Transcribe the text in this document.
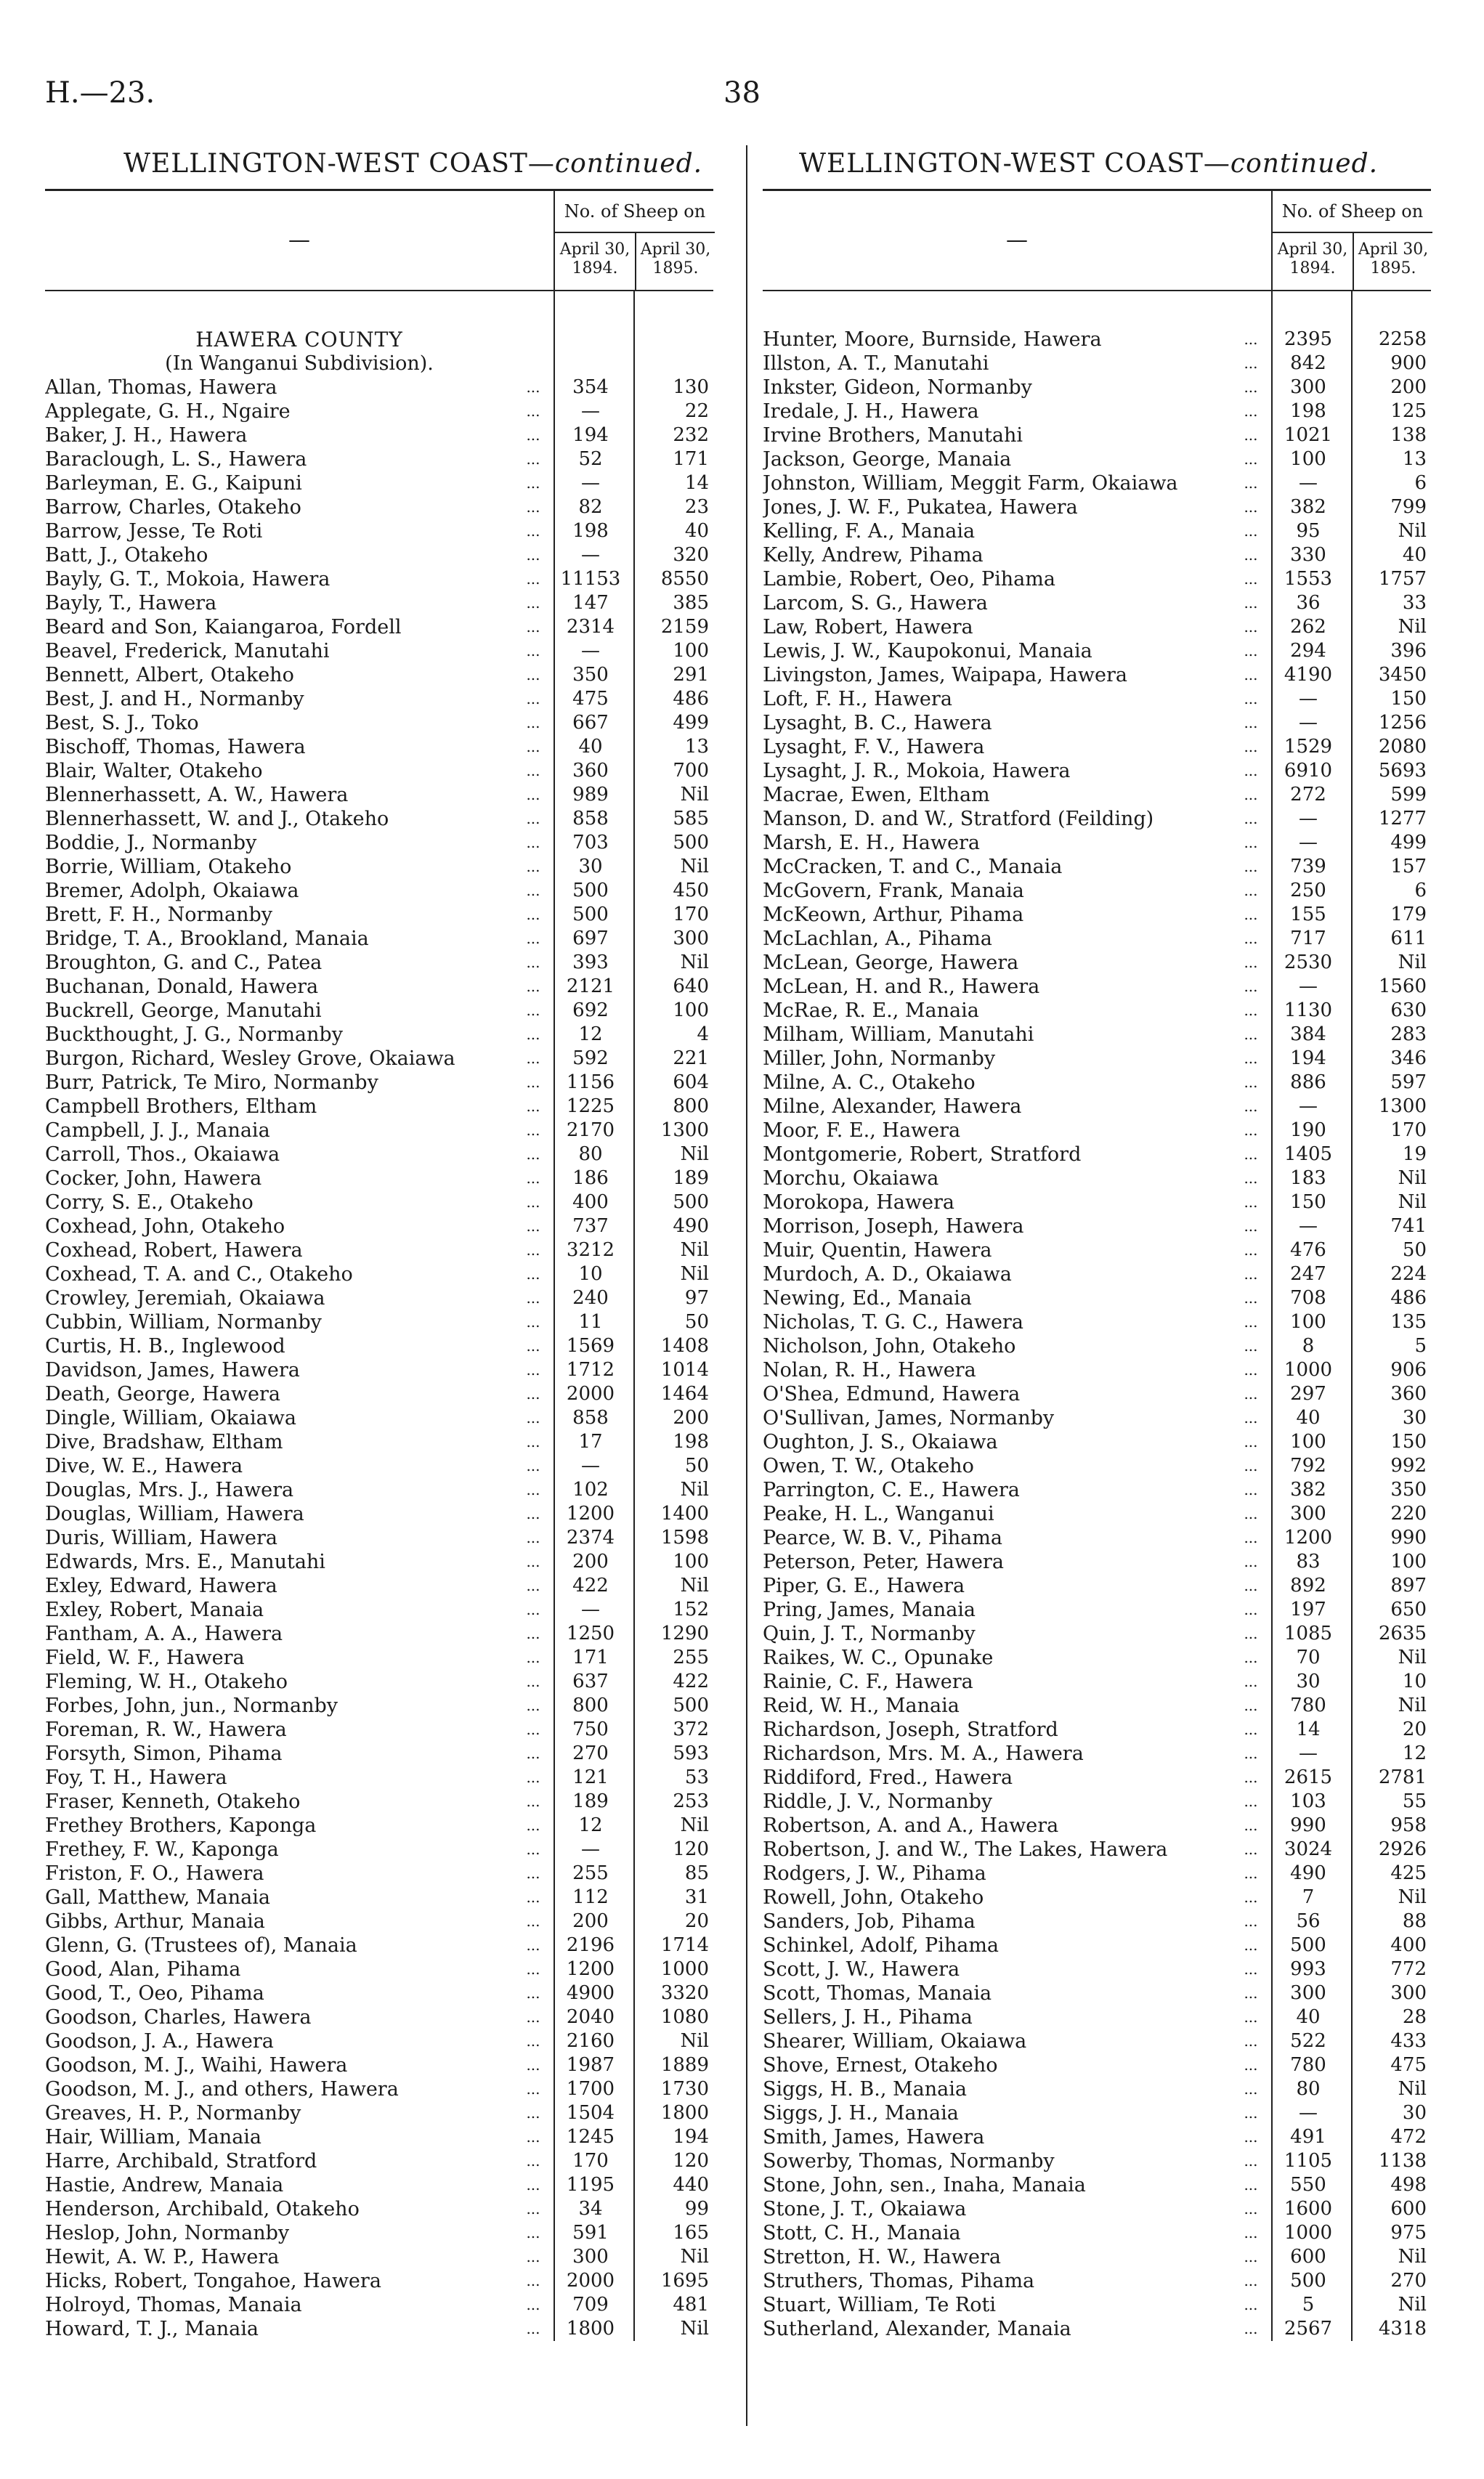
H.—23.	38
WELLINGTON-WEST COAST—continued.	WELLINGTON-WEST COAST—continued.
—
No. of Sheep on
April 30, 1894.
April 30, 1895.
HAWERA COUNTY
(In Wanganui Subdivision).
Allan, Thomas, Hawera	...	354	130
Applegate, G. H., Ngaire	...	—	22
Baker, J. H., Hawera	...	194	232
Baraclough, L. S., Hawera	...	52	171
Barleyman, E. G., Kaipuni	...	—	14
Barrow, Charles, Otakeho	...	82	23
Barrow, Jesse, Te Roti	...	198	40
Batt, J., Otakeho	...	—	320
Bayly, G. T., Mokoia, Hawera	...	11153	8550
Bayly, T., Hawera	...	147	385
Beard and Son, Kaiangaroa, Fordell	...	2314	2159
Beavel, Frederick, Manutahi	...	—	100
Bennett, Albert, Otakeho	...	350	291
Best, J. and H., Normanby	...	475	486
Best, S. J., Toko	...	667	499
Bischoff, Thomas, Hawera	...	40	13
Blair, Walter, Otakeho	...	360	700
Blennerhassett, A. W., Hawera	...	989	Nil
Blennerhassett, W. and J., Otakeho	...	858	585
Boddie, J., Normanby	...	703	500
Borrie, William, Otakeho	...	30	Nil
Bremer, Adolph, Okaiawa	...	500	450
Brett, F. H., Normanby	...	500	170
Bridge, T. A., Brookland, Manaia	...	697	300
Broughton, G. and C., Patea	...	393	Nil
Buchanan, Donald, Hawera	...	2121	640
Buckrell, George, Manutahi	...	692	100
Buckthought, J. G., Normanby	...	12	4
Burgon, Richard, Wesley Grove, Okaiawa	...	592	221
Burr, Patrick, Te Miro, Normanby	...	1156	604
Campbell Brothers, Eltham	...	1225	800
Campbell, J. J., Manaia	...	2170	1300
Carroll, Thos., Okaiawa	...	80	Nil
Cocker, John, Hawera	...	186	189
Corry, S. E., Otakeho	...	400	500
Coxhead, John, Otakeho	...	737	490
Coxhead, Robert, Hawera	...	3212	Nil
Coxhead, T. A. and C., Otakeho	...	10	Nil
Crowley, Jeremiah, Okaiawa	...	240	97
Cubbin, William, Normanby	...	11	50
Curtis, H. B., Inglewood	...	1569	1408
Davidson, James, Hawera	...	1712	1014
Death, George, Hawera	...	2000	1464
Dingle, William, Okaiawa	...	858	200
Dive, Bradshaw, Eltham	...	17	198
Dive, W. E., Hawera	...	—	50
Douglas, Mrs. J., Hawera	...	102	Nil
Douglas, William, Hawera	...	1200	1400
Duris, William, Hawera	...	2374	1598
Edwards, Mrs. E., Manutahi	...	200	100
Exley, Edward, Hawera	...	422	Nil
Exley, Robert, Manaia	...	—	152
Fantham, A. A., Hawera	...	1250	1290
Field, W. F., Hawera	...	171	255
Fleming, W. H., Otakeho	...	637	422
Forbes, John, jun., Normanby	...	800	500
Foreman, R. W., Hawera	...	750	372
Forsyth, Simon, Pihama	...	270	593
Foy, T. H., Hawera	...	121	53
Fraser, Kenneth, Otakeho	...	189	253
Frethey Brothers, Kaponga	...	12	Nil
Frethey, F. W., Kaponga	...	—	120
Friston, F. O., Hawera	...	255	85
Gall, Matthew, Manaia	...	112	31
Gibbs, Arthur, Manaia	...	200	20
Glenn, G. (Trustees of), Manaia	...	2196	1714
Good, Alan, Pihama	...	1200	1000
Good, T., Oeo, Pihama	...	4900	3320
Goodson, Charles, Hawera	...	2040	1080
Goodson, J. A., Hawera	...	2160	Nil
Goodson, M. J., Waihi, Hawera	...	1987	1889
Goodson, M. J., and others, Hawera	...	1700	1730
Greaves, H. P., Normanby	...	1504	1800
Hair, William, Manaia	...	1245	194
Harre, Archibald, Stratford	...	170	120
Hastie, Andrew, Manaia	...	1195	440
Henderson, Archibald, Otakeho	...	34	99
Heslop, John, Normanby	...	591	165
Hewit, A. W. P., Hawera	...	300	Nil
Hicks, Robert, Tongahoe, Hawera	...	2000	1695
Holroyd, Thomas, Manaia	...	709	481
Howard, T. J., Manaia	...	1800	Nil
—
No. of Sheep on
April 30, 1894.
April 30, 1895.
Hunter, Moore, Burnside, Hawera	...	2395	2258
Illston, A. T., Manutahi	...	842	900
Inkster, Gideon, Normanby	...	300	200
Iredale, J. H., Hawera	...	198	125
Irvine Brothers, Manutahi	...	1021	138
Jackson, George, Manaia	...	100	13
Johnston, William, Meggit Farm, Okaiawa	...	—	6
Jones, J. W. F., Pukatea, Hawera	...	382	799
Kelling, F. A., Manaia	...	95	Nil
Kelly, Andrew, Pihama	...	330	40
Lambie, Robert, Oeo, Pihama	...	1553	1757
Larcom, S. G., Hawera	...	36	33
Law, Robert, Hawera	...	262	Nil
Lewis, J. W., Kaupokonui, Manaia	...	294	396
Livingston, James, Waipapa, Hawera	...	4190	3450
Loft, F. H., Hawera	...	—	150
Lysaght, B. C., Hawera	...	—	1256
Lysaght, F. V., Hawera	...	1529	2080
Lysaght, J. R., Mokoia, Hawera	...	6910	5693
Macrae, Ewen, Eltham	...	272	599
Manson, D. and W., Stratford (Feilding)	...	—	1277
Marsh, E. H., Hawera	...	—	499
McCracken, T. and C., Manaia	...	739	157
McGovern, Frank, Manaia	...	250	6
McKeown, Arthur, Pihama	...	155	179
McLachlan, A., Pihama	...	717	611
McLean, George, Hawera	...	2530	Nil
McLean, H. and R., Hawera	...	—	1560
McRae, R. E., Manaia	...	1130	630
Milham, William, Manutahi	...	384	283
Miller, John, Normanby	...	194	346
Milne, A. C., Otakeho	...	886	597
Milne, Alexander, Hawera	...	—	1300
Moor, F. E., Hawera	...	190	170
Montgomerie, Robert, Stratford	...	1405	19
Morchu, Okaiawa	...	183	Nil
Morokopa, Hawera	...	150	Nil
Morrison, Joseph, Hawera	...	—	741
Muir, Quentin, Hawera	...	476	50
Murdoch, A. D., Okaiawa	...	247	224
Newing, Ed., Manaia	...	708	486
Nicholas, T. G. C., Hawera	...	100	135
Nicholson, John, Otakeho	...	8	5
Nolan, R. H., Hawera	...	1000	906
O'Shea, Edmund, Hawera	...	297	360
O'Sullivan, James, Normanby	...	40	30
Oughton, J. S., Okaiawa	...	100	150
Owen, T. W., Otakeho	...	792	992
Parrington, C. E., Hawera	...	382	350
Peake, H. L., Wanganui	...	300	220
Pearce, W. B. V., Pihama	...	1200	990
Peterson, Peter, Hawera	...	83	100
Piper, G. E., Hawera	...	892	897
Pring, James, Manaia	...	197	650
Quin, J. T., Normanby	...	1085	2635
Raikes, W. C., Opunake	...	70	Nil
Rainie, C. F., Hawera	...	30	10
Reid, W. H., Manaia	...	780	Nil
Richardson, Joseph, Stratford	...	14	20
Richardson, Mrs. M. A., Hawera	...	—	12
Riddiford, Fred., Hawera	...	2615	2781
Riddle, J. V., Normanby	...	103	55
Robertson, A. and A., Hawera	...	990	958
Robertson, J. and W., The Lakes, Hawera	...	3024	2926
Rodgers, J. W., Pihama	...	490	425
Rowell, John, Otakeho	...	7	Nil
Sanders, Job, Pihama	...	56	88
Schinkel, Adolf, Pihama	...	500	400
Scott, J. W., Hawera	...	993	772
Scott, Thomas, Manaia	...	300	300
Sellers, J. H., Pihama	...	40	28
Shearer, William, Okaiawa	...	522	433
Shove, Ernest, Otakeho	...	780	475
Siggs, H. B., Manaia	...	80	Nil
Siggs, J. H., Manaia	...	—	30
Smith, James, Hawera	...	491	472
Sowerby, Thomas, Normanby	...	1105	1138
Stone, John, sen., Inaha, Manaia	...	550	498
Stone, J. T., Okaiawa	...	1600	600
Stott, C. H., Manaia	...	1000	975
Stretton, H. W., Hawera	...	600	Nil
Struthers, Thomas, Pihama	...	500	270
Stuart, William, Te Roti	...	5	Nil
Sutherland, Alexander, Manaia	...	2567	4318
